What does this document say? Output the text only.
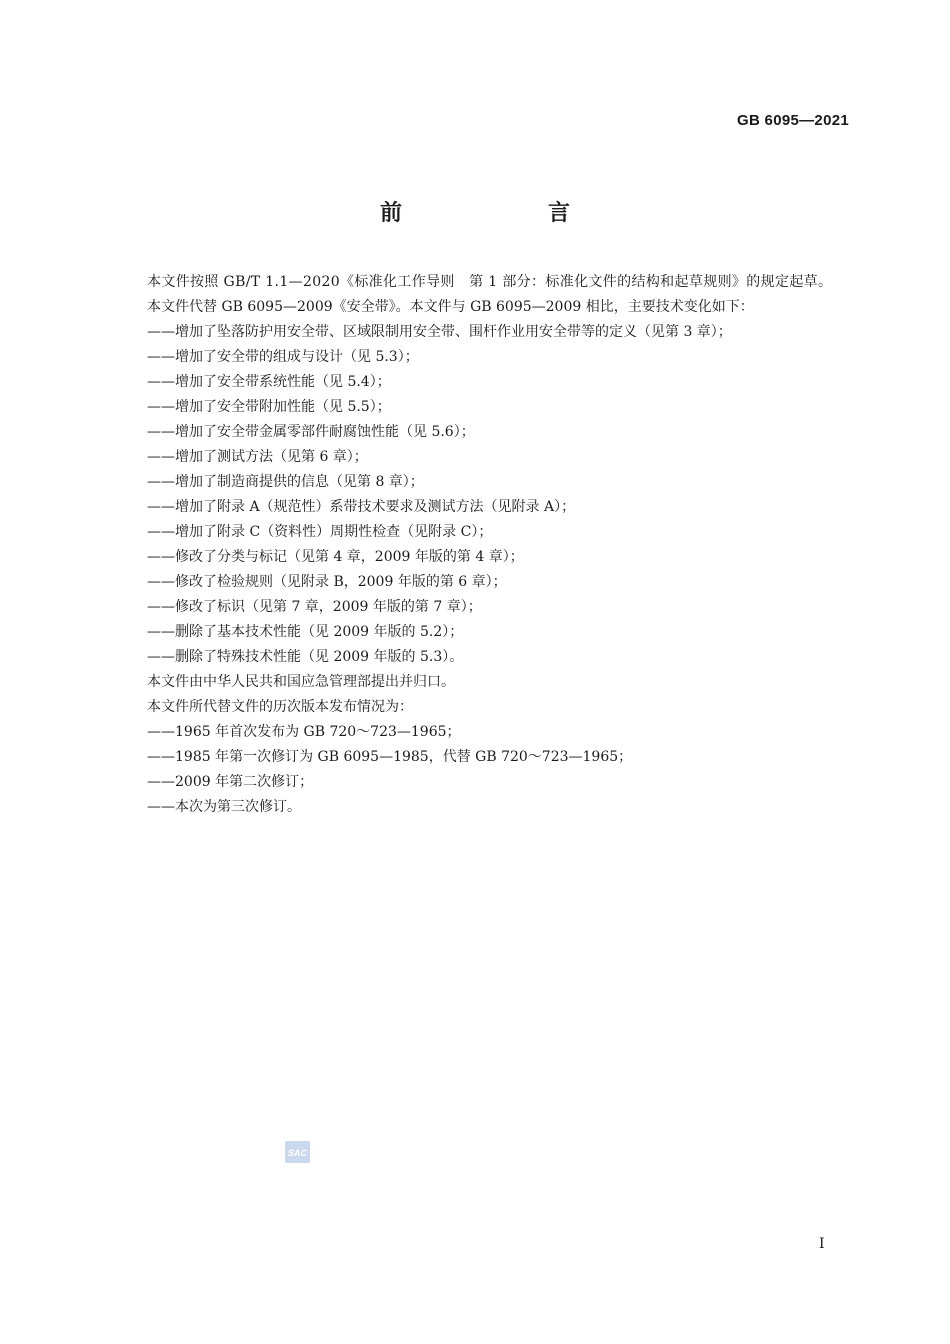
GB 6095—2021
前　言

本文件按照 GB/T 1.1—2020《标准化工作导则　第 1 部分：标准化文件的结构和起草规则》的规定起草。

本文件代替 GB 6095—2009《安全带》。本文件与 GB 6095—2009 相比，主要技术变化如下：

——增加了坠落防护用安全带、区域限制用安全带、围杆作业用安全带等的定义（见第 3 章）；

——增加了安全带的组成与设计（见 5.3）；

——增加了安全带系统性能（见 5.4）；

——增加了安全带附加性能（见 5.5）；

——增加了安全带金属零部件耐腐蚀性能（见 5.6）；

——增加了测试方法（见第 6 章）；

——增加了制造商提供的信息（见第 8 章）；

——增加了附录 A（规范性）系带技术要求及测试方法（见附录 A）；

——增加了附录 C（资料性）周期性检查（见附录 C）；

——修改了分类与标记（见第 4 章，2009 年版的第 4 章）；

——修改了检验规则（见附录 B，2009 年版的第 6 章）；

——修改了标识（见第 7 章，2009 年版的第 7 章）；

——删除了基本技术性能（见 2009 年版的 5.2）；

——删除了特殊技术性能（见 2009 年版的 5.3）。

本文件由中华人民共和国应急管理部提出并归口。

本文件所代替文件的历次版本发布情况为：

——1965 年首次发布为 GB 720～723—1965；

——1985 年第一次修订为 GB 6095—1985，代替 GB 720～723—1965；

——2009 年第二次修订；

——本次为第三次修订。

SAC
I
